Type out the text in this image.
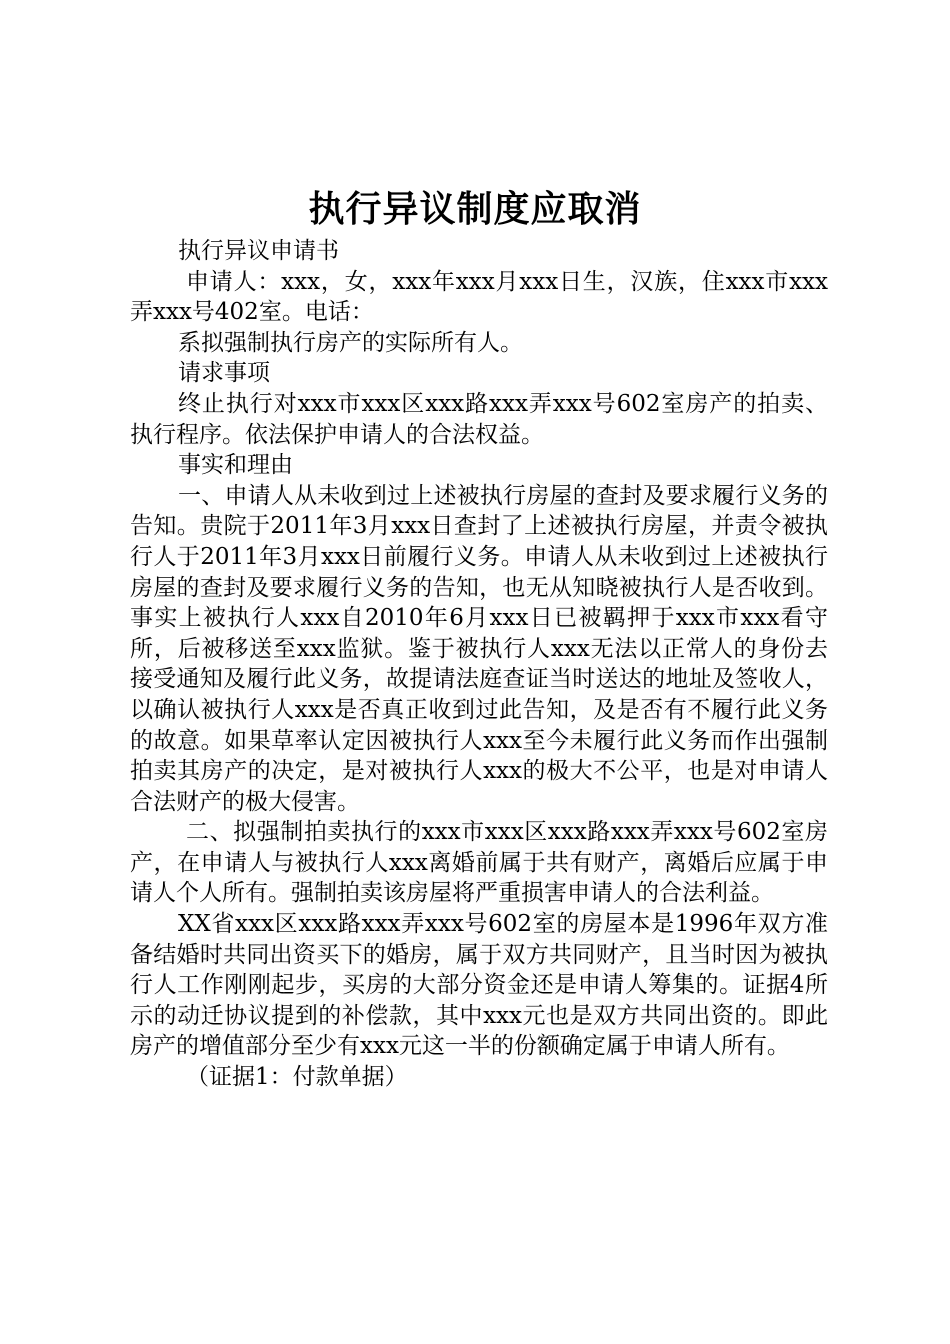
执行异议制度应取消

执行异议申请书

申请人：xxx，女，xxx年xxx月xxx日生，汉族，住xxx市xxx弄xxx号402室。电话：

系拟强制执行房产的实际所有人。

请求事项

终止执行对xxx市xxx区xxx路xxx弄xxx号602室房产的拍卖、执行程序。依法保护申请人的合法权益。

事实和理由

一、申请人从未收到过上述被执行房屋的查封及要求履行义务的告知。贵院于2011年3月xxx日查封了上述被执行房屋，并责令被执行人于2011年3月xxx日前履行义务。申请人从未收到过上述被执行房屋的查封及要求履行义务的告知，也无从知晓被执行人是否收到。事实上被执行人xxx自2010年6月xxx日已被羁押于xxx市xxx看守所，后被移送至xxx监狱。鉴于被执行人xxx无法以正常人的身份去接受通知及履行此义务，故提请法庭查证当时送达的地址及签收人，以确认被执行人xxx是否真正收到过此告知，及是否有不履行此义务的故意。如果草率认定因被执行人xxx至今未履行此义务而作出强制拍卖其房产的决定，是对被执行人xxx的极大不公平，也是对申请人合法财产的极大侵害。

二、拟强制拍卖执行的xxx市xxx区xxx路xxx弄xxx号602室房产，在申请人与被执行人xxx离婚前属于共有财产，离婚后应属于申请人个人所有。强制拍卖该房屋将严重损害申请人的合法利益。

XX省xxx区xxx路xxx弄xxx号602室的房屋本是1996年双方准备结婚时共同出资买下的婚房，属于双方共同财产，且当时因为被执行人工作刚刚起步，买房的大部分资金还是申请人筹集的。证据4所示的动迁协议提到的补偿款，其中xxx元也是双方共同出资的。即此房产的增值部分至少有xxx元这一半的份额确定属于申请人所有。

（证据1：付款单据）
